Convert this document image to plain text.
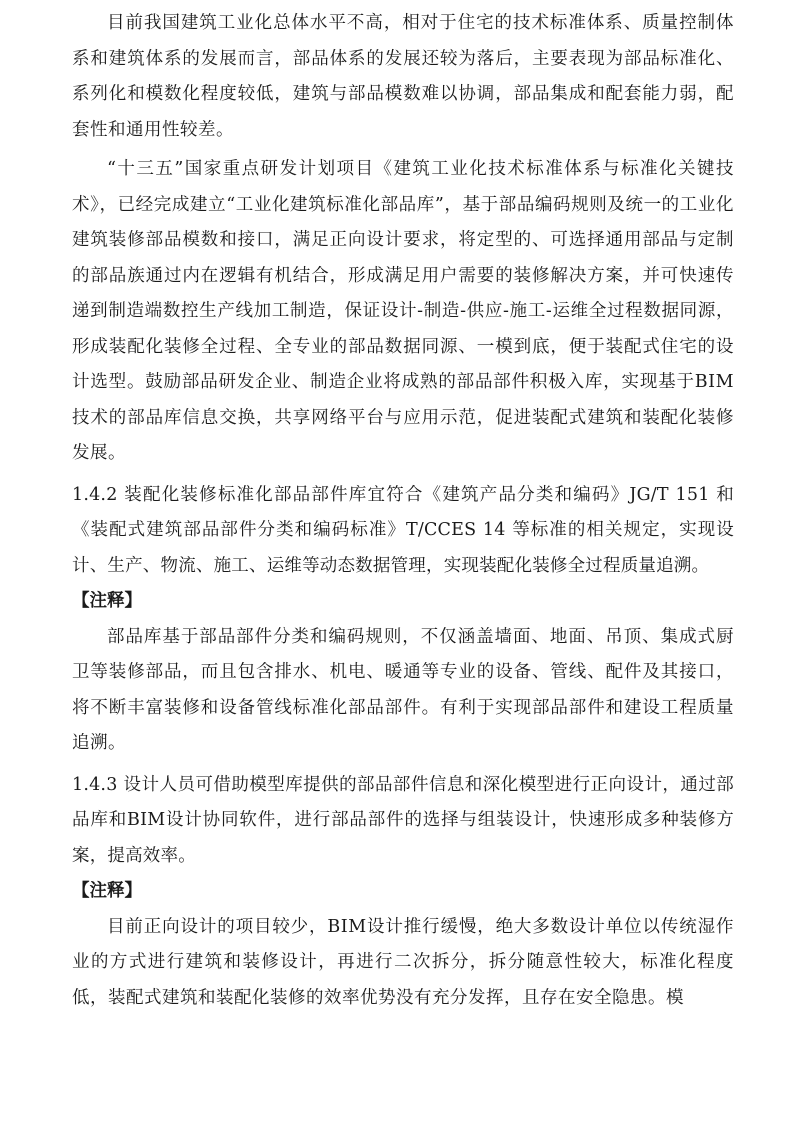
目前我国建筑工业化总体水平不高，相对于住宅的技术标准体系、质量控制体系和建筑体系的发展而言，部品体系的发展还较为落后，主要表现为部品标准化、系列化和模数化程度较低，建筑与部品模数难以协调，部品集成和配套能力弱，配套性和通用性较差。

“十三五”国家重点研发计划项目《建筑工业化技术标准体系与标准化关键技术》，已经完成建立“工业化建筑标准化部品库”，基于部品编码规则及统一的工业化建筑装修部品模数和接口，满足正向设计要求，将定型的、可选择通用部品与定制的部品族通过内在逻辑有机结合，形成满足用户需要的装修解决方案，并可快速传递到制造端数控生产线加工制造，保证设计-制造-供应-施工-运维全过程数据同源，形成装配化装修全过程、全专业的部品数据同源、一模到底，便于装配式住宅的设计选型。鼓励部品研发企业、制造企业将成熟的部品部件积极入库，实现基于BIM技术的部品库信息交换，共享网络平台与应用示范，促进装配式建筑和装配化装修发展。

1.4.2 装配化装修标准化部品部件库宜符合《建筑产品分类和编码》JG/T 151 和《装配式建筑部品部件分类和编码标准》T/CCES 14 等标准的相关规定，实现设计、生产、物流、施工、运维等动态数据管理，实现装配化装修全过程质量追溯。

【注释】

部品库基于部品部件分类和编码规则，不仅涵盖墙面、地面、吊顶、集成式厨卫等装修部品，而且包含排水、机电、暖通等专业的设备、管线、配件及其接口，将不断丰富装修和设备管线标准化部品部件。有利于实现部品部件和建设工程质量追溯。

1.4.3 设计人员可借助模型库提供的部品部件信息和深化模型进行正向设计，通过部品库和BIM设计协同软件，进行部品部件的选择与组装设计，快速形成多种装修方案，提高效率。

【注释】

目前正向设计的项目较少，BIM设计推行缓慢，绝大多数设计单位以传统湿作业的方式进行建筑和装修设计，再进行二次拆分，拆分随意性较大，标准化程度低，装配式建筑和装配化装修的效率优势没有充分发挥，且存在安全隐患。模
